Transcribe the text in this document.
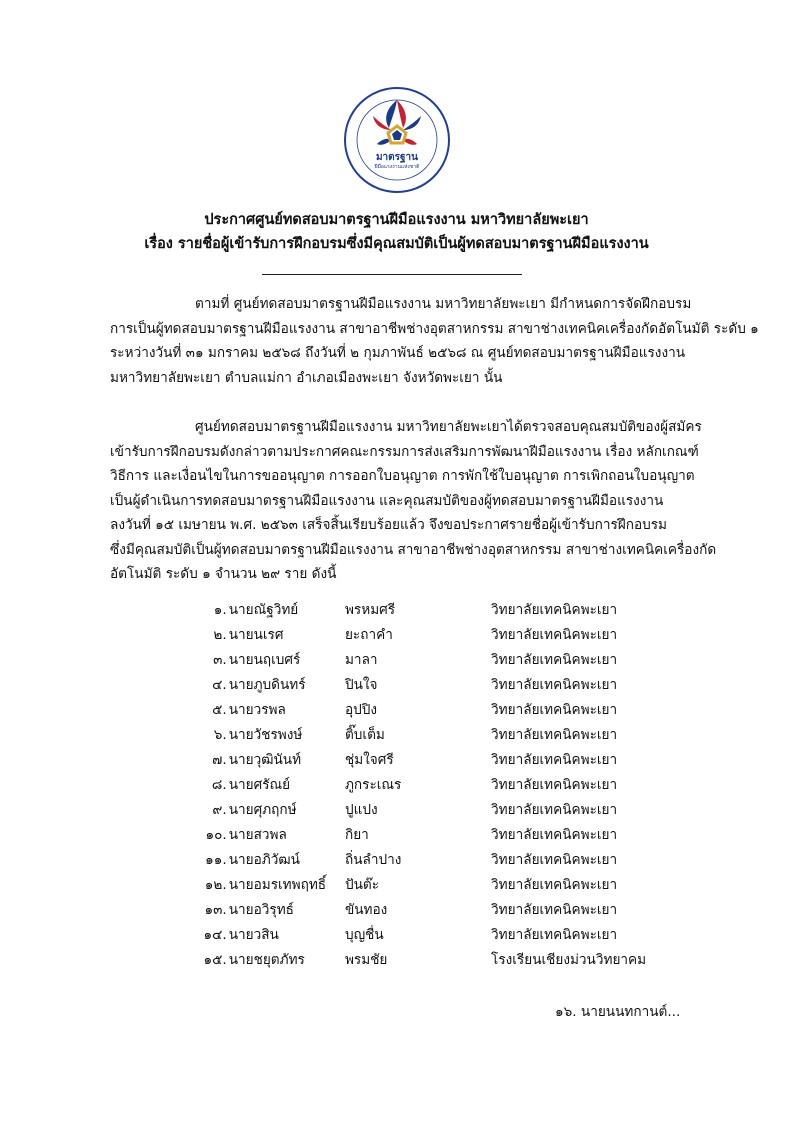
มาตรฐาน
ฝีมือแรงงานแห่งชาติ
ประกาศศูนย์ทดสอบมาตรฐานฝีมือแรงงาน มหาวิทยาลัยพะเยา
เรื่อง รายชื่อผู้เข้ารับการฝึกอบรมซึ่งมีคุณสมบัติเป็นผู้ทดสอบมาตรฐานฝีมือแรงงาน
ตามที่ ศูนย์ทดสอบมาตรฐานฝีมือแรงงาน มหาวิทยาลัยพะเยา มีกำหนดการจัดฝึกอบรม
การเป็นผู้ทดสอบมาตรฐานฝีมือแรงงาน สาขาอาชีพช่างอุตสาหกรรม สาขาช่างเทคนิคเครื่องกัดอัตโนมัติ ระดับ ๑
ระหว่างวันที่ ๓๑ มกราคม ๒๕๖๘ ถึงวันที่ ๒ กุมภาพันธ์ ๒๕๖๘ ณ ศูนย์ทดสอบมาตรฐานฝีมือแรงงาน
มหาวิทยาลัยพะเยา ตำบลแม่กา อำเภอเมืองพะเยา จังหวัดพะเยา นั้น
ศูนย์ทดสอบมาตรฐานฝีมือแรงงาน มหาวิทยาลัยพะเยาได้ตรวจสอบคุณสมบัติของผู้สมัคร
เข้ารับการฝึกอบรมดังกล่าวตามประกาศคณะกรรมการส่งเสริมการพัฒนาฝีมือแรงงาน เรื่อง หลักเกณฑ์
วิธีการ และเงื่อนไขในการขออนุญาต การออกใบอนุญาต การพักใช้ใบอนุญาต การเพิกถอนใบอนุญาต
เป็นผู้ดำเนินการทดสอบมาตรฐานฝีมือแรงงาน และคุณสมบัติของผู้ทดสอบมาตรฐานฝีมือแรงงาน
ลงวันที่ ๑๕ เมษายน พ.ศ. ๒๕๖๓ เสร็จสิ้นเรียบร้อยแล้ว จึงขอประกาศรายชื่อผู้เข้ารับการฝึกอบรม
ซึ่งมีคุณสมบัติเป็นผู้ทดสอบมาตรฐานฝีมือแรงงาน สาขาอาชีพช่างอุตสาหกรรม สาขาช่างเทคนิคเครื่องกัด
อัตโนมัติ ระดับ ๑ จำนวน ๒๙ ราย ดังนี้
๑. นายณัฐวิทย์	พรหมศรี	วิทยาลัยเทคนิคพะเยา
๒. นายนเรศ	ยะถาคำ	วิทยาลัยเทคนิคพะเยา
๓. นายนฤเบศร์	มาลา	วิทยาลัยเทคนิคพะเยา
๔. นายภูบดินทร์	ปินใจ	วิทยาลัยเทคนิคพะเยา
๕. นายวรพล	อุปปิง	วิทยาลัยเทคนิคพะเยา
๖. นายวัชรพงษ์	ติ๊บเต็ม	วิทยาลัยเทคนิคพะเยา
๗. นายวุฒินันท์	ชุ่มใจศรี	วิทยาลัยเทคนิคพะเยา
๘. นายศรัณย์	ภูกระเณร	วิทยาลัยเทคนิคพะเยา
๙. นายศุภฤกษ์	ปูแปง	วิทยาลัยเทคนิคพะเยา
๑๐. นายสวพล	กิยา	วิทยาลัยเทคนิคพะเยา
๑๑. นายอภิวัฒน์	ถิ่นลำปาง	วิทยาลัยเทคนิคพะเยา
๑๒. นายอมรเทพฤทธิ์	ปันต๊ะ	วิทยาลัยเทคนิคพะเยา
๑๓. นายอวิรุทธ์	ขันทอง	วิทยาลัยเทคนิคพะเยา
๑๔. นายวสิน	บุญชื่น	วิทยาลัยเทคนิคพะเยา
๑๕. นายชยุตภัทร	พรมชัย	โรงเรียนเชียงม่วนวิทยาคม
๑๖. นายนนทกานต์...
